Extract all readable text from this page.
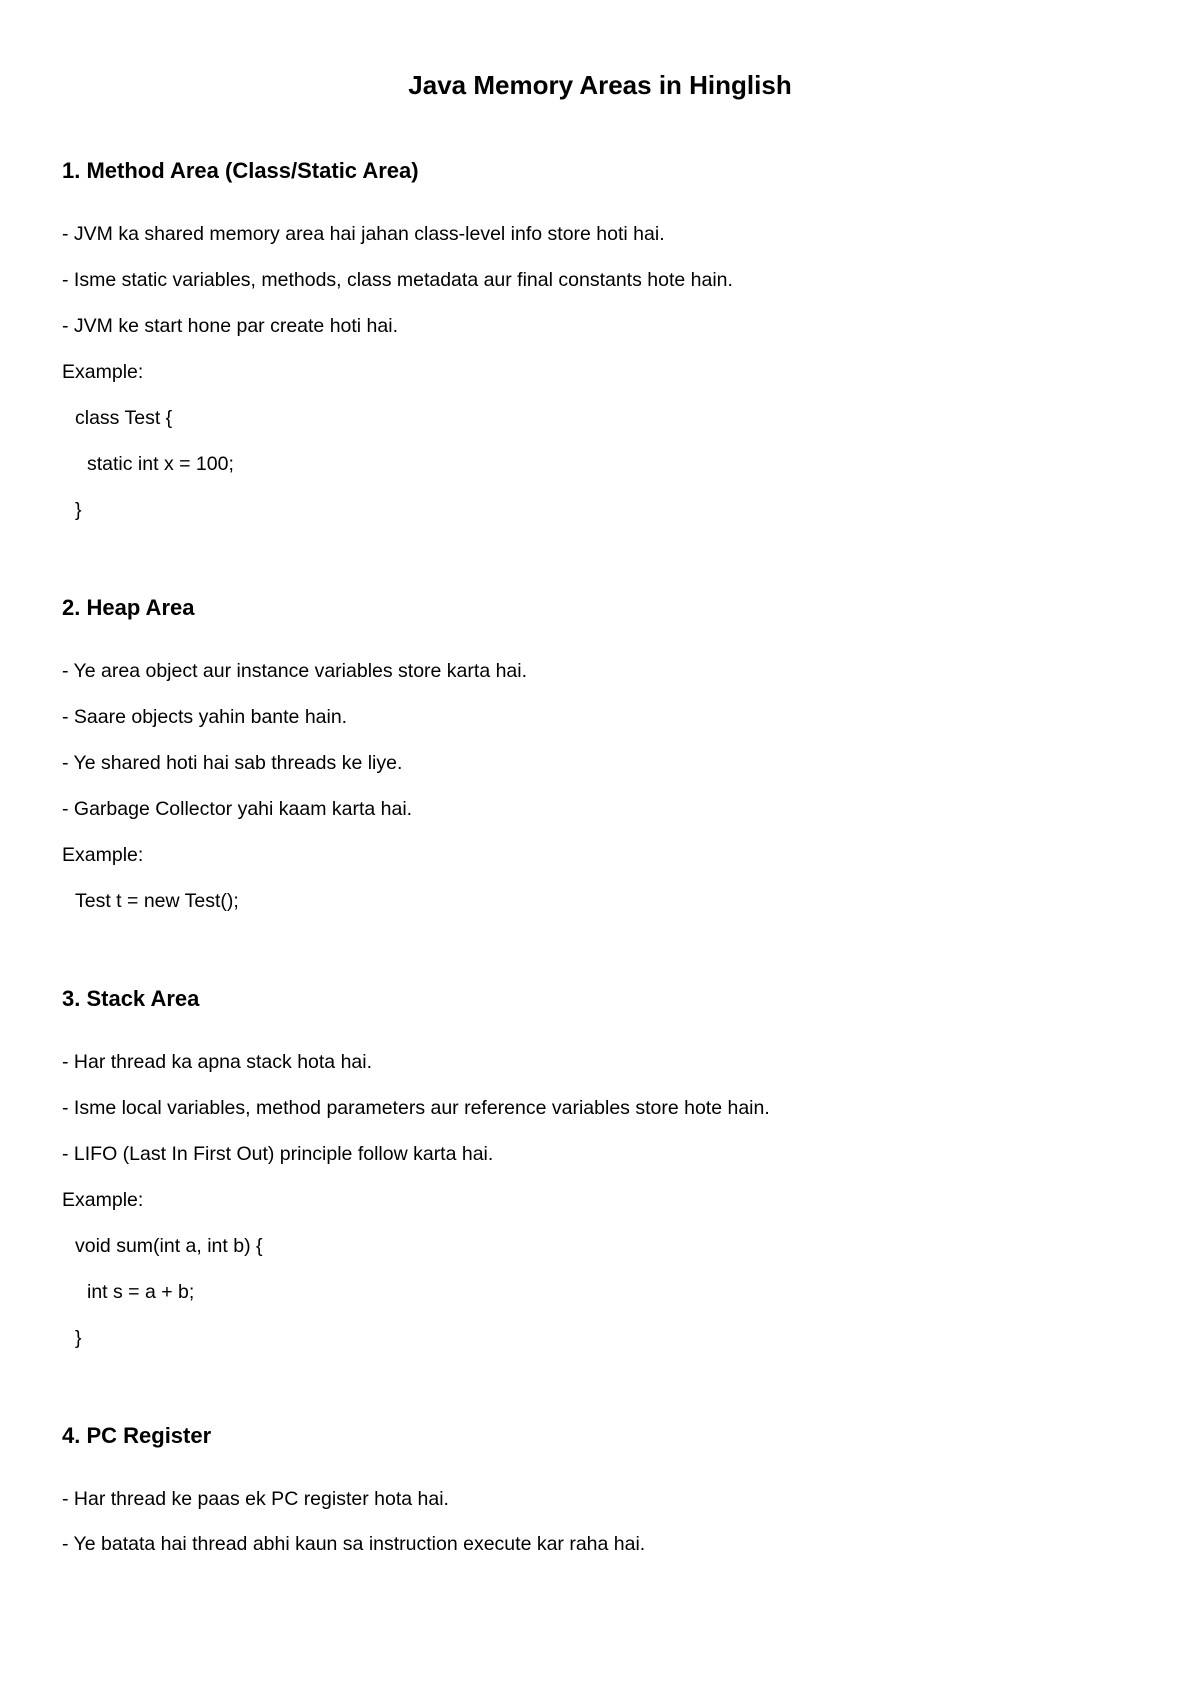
Java Memory Areas in Hinglish
1. Method Area (Class/Static Area)
- JVM ka shared memory area hai jahan class-level info store hoti hai.
- Isme static variables, methods, class metadata aur final constants hote hain.
- JVM ke start hone par create hoti hai.
Example:
class Test {
static int x = 100;
}
2. Heap Area
- Ye area object aur instance variables store karta hai.
- Saare objects yahin bante hain.
- Ye shared hoti hai sab threads ke liye.
- Garbage Collector yahi kaam karta hai.
Example:
Test t = new Test();
3. Stack Area
- Har thread ka apna stack hota hai.
- Isme local variables, method parameters aur reference variables store hote hain.
- LIFO (Last In First Out) principle follow karta hai.
Example:
void sum(int a, int b) {
int s = a + b;
}
4. PC Register
- Har thread ke paas ek PC register hota hai.
- Ye batata hai thread abhi kaun sa instruction execute kar raha hai.
